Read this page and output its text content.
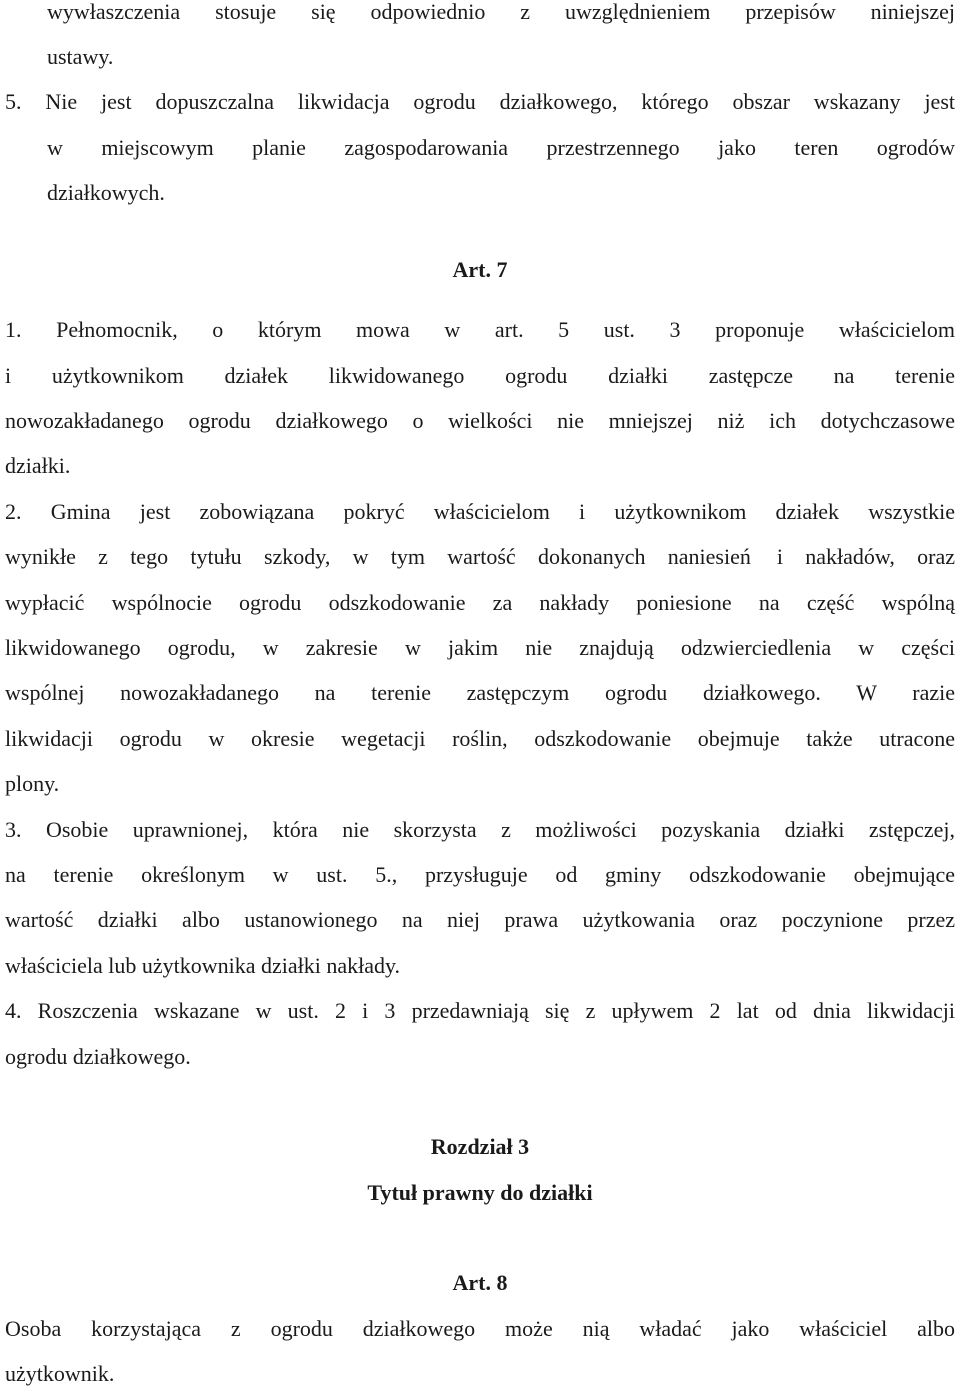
wywłaszczenia stosuje się odpowiednio z uwzględnieniem przepisów niniejszej
ustawy.
5. Nie jest dopuszczalna likwidacja ogrodu działkowego, którego obszar wskazany jest
w miejscowym planie zagospodarowania przestrzennego jako teren ogrodów
działkowych.
Art. 7
1. Pełnomocnik, o którym mowa w art. 5 ust. 3 proponuje właścicielom
i użytkownikom działek likwidowanego ogrodu działki zastępcze na terenie
nowozakładanego ogrodu działkowego o wielkości nie mniejszej niż ich dotychczasowe
działki.
2. Gmina jest zobowiązana pokryć właścicielom i użytkownikom działek wszystkie
wynikłe z tego tytułu szkody, w tym wartość dokonanych naniesień i nakładów, oraz
wypłacić wspólnocie ogrodu odszkodowanie za nakłady poniesione na część wspólną
likwidowanego ogrodu, w zakresie w jakim nie znajdują odzwierciedlenia w części
wspólnej nowozakładanego na terenie zastępczym ogrodu działkowego. W razie
likwidacji ogrodu w okresie wegetacji roślin, odszkodowanie obejmuje także utracone
plony.
3. Osobie uprawnionej, która nie skorzysta z możliwości pozyskania działki zstępczej,
na terenie określonym w ust. 5., przysługuje od gminy odszkodowanie obejmujące
wartość działki albo ustanowionego na niej prawa użytkowania oraz poczynione przez
właściciela lub użytkownika działki nakłady.
4. Roszczenia wskazane w ust. 2 i 3 przedawniają się z upływem 2 lat od dnia likwidacji
ogrodu działkowego.
Rozdział 3
Tytuł prawny do działki
Art. 8
Osoba korzystająca z ogrodu działkowego może nią władać jako właściciel albo
użytkownik.
